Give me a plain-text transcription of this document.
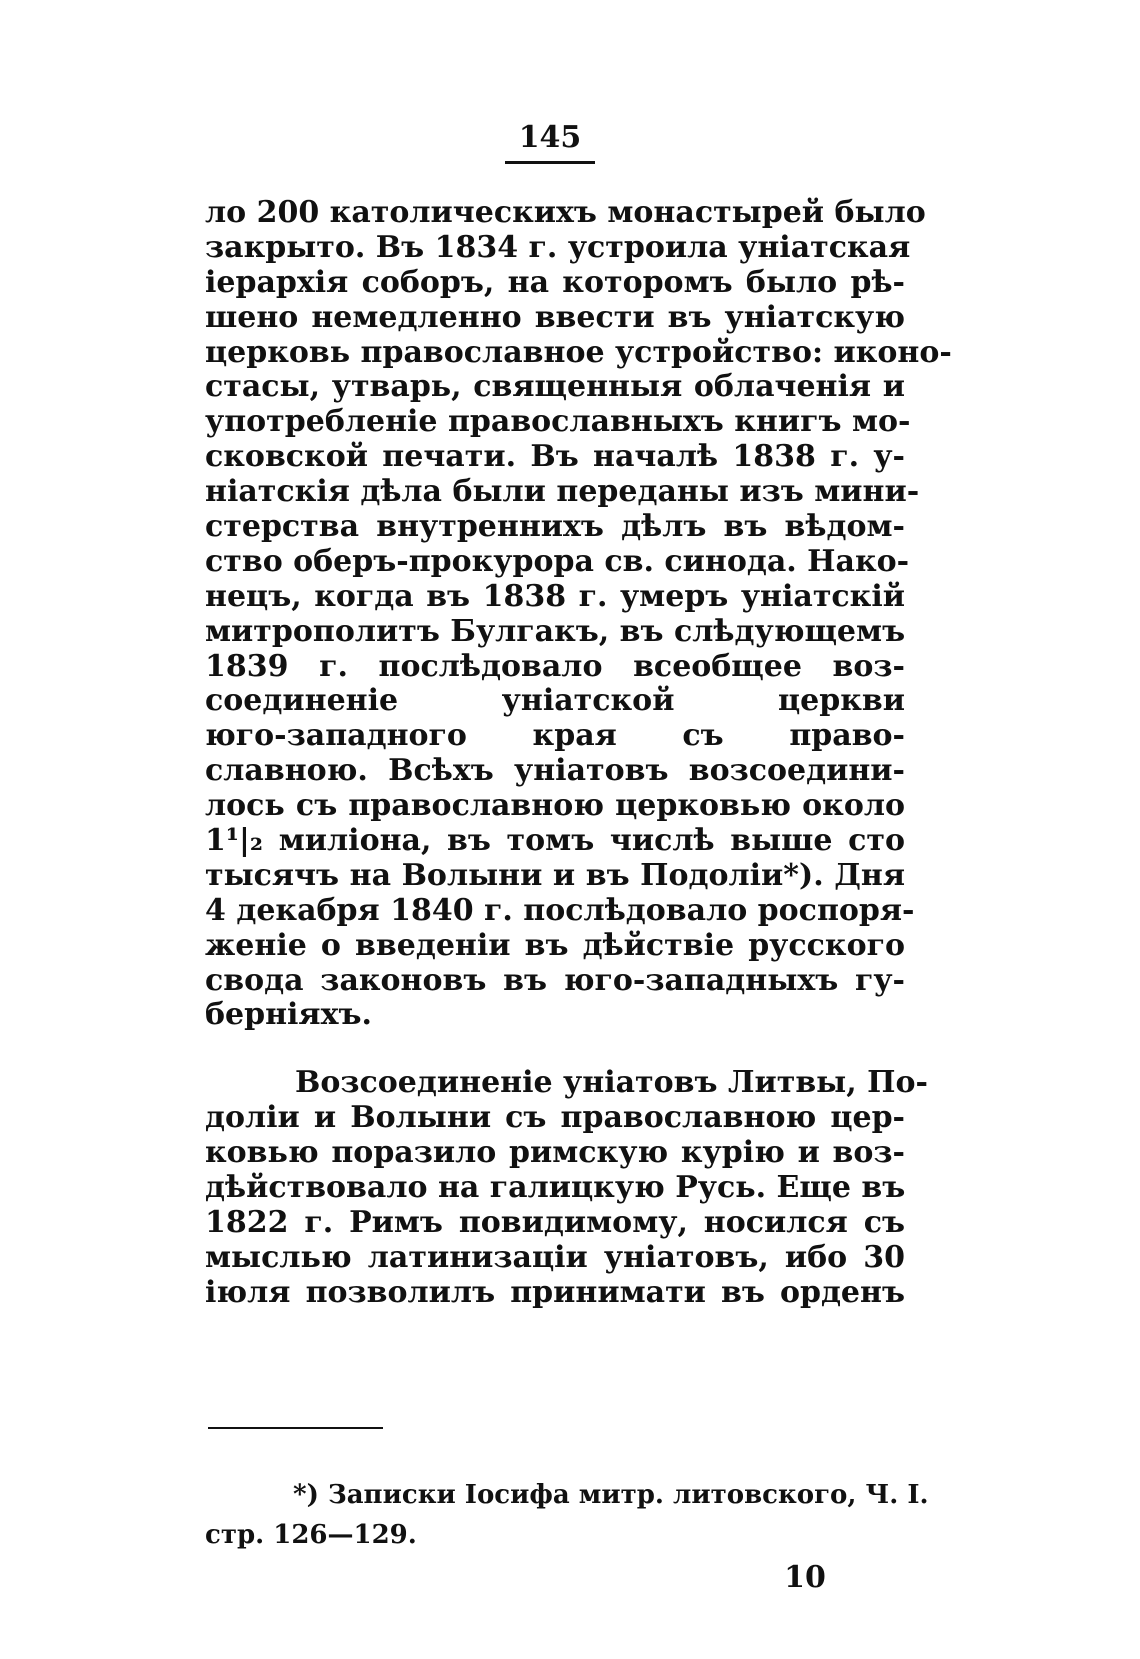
145
ло 200 католическихъ монастырей было
закрыто. Въ 1834 г. устроила уніатская
іерархія соборъ, на которомъ было рѣ-
шено немедленно ввести въ уніатскую
церковь православное устройство: иконо-
стасы, утварь, священныя облаченія и
употребленіе православныхъ книгъ мо-
сковской печати. Въ началѣ 1838 г. у-
ніатскія дѣла были переданы изъ мини-
стерства внутреннихъ дѣлъ въ вѣдом-
ство оберъ-прокурора св. синода. Нако-
нецъ, когда въ 1838 г. умеръ уніатскій
митрополитъ Булгакъ, въ слѣдующемъ
1839 г. послѣдовало всеобщее воз-
соединеніе уніатской церкви
юго-западного края съ право-
славною. Всѣхъ уніатовъ возсоедини-
лось съ православною церковью около
1¹|₂ миліона, въ томъ числѣ выше сто
тысячъ на Волыни и въ Подоліи*). Дня
4 декабря 1840 г. послѣдовало роспоря-
женіе о введеніи въ дѣйствіе русского
свода законовъ въ юго-западныхъ гу-
берніяхъ.
Возсоединеніе уніатовъ Литвы, По-
доліи и Волыни съ православною цер-
ковью поразило римскую курію и воз-
дѣйствовало на галицкую Русь. Еще въ
1822 г. Римъ повидимому, носился съ
мыслью латинизаціи уніатовъ, ибо 30
іюля позволилъ принимати въ орденъ
*) Записки Іосифа митр. литовского, Ч. I.
стр. 126—129.
10
